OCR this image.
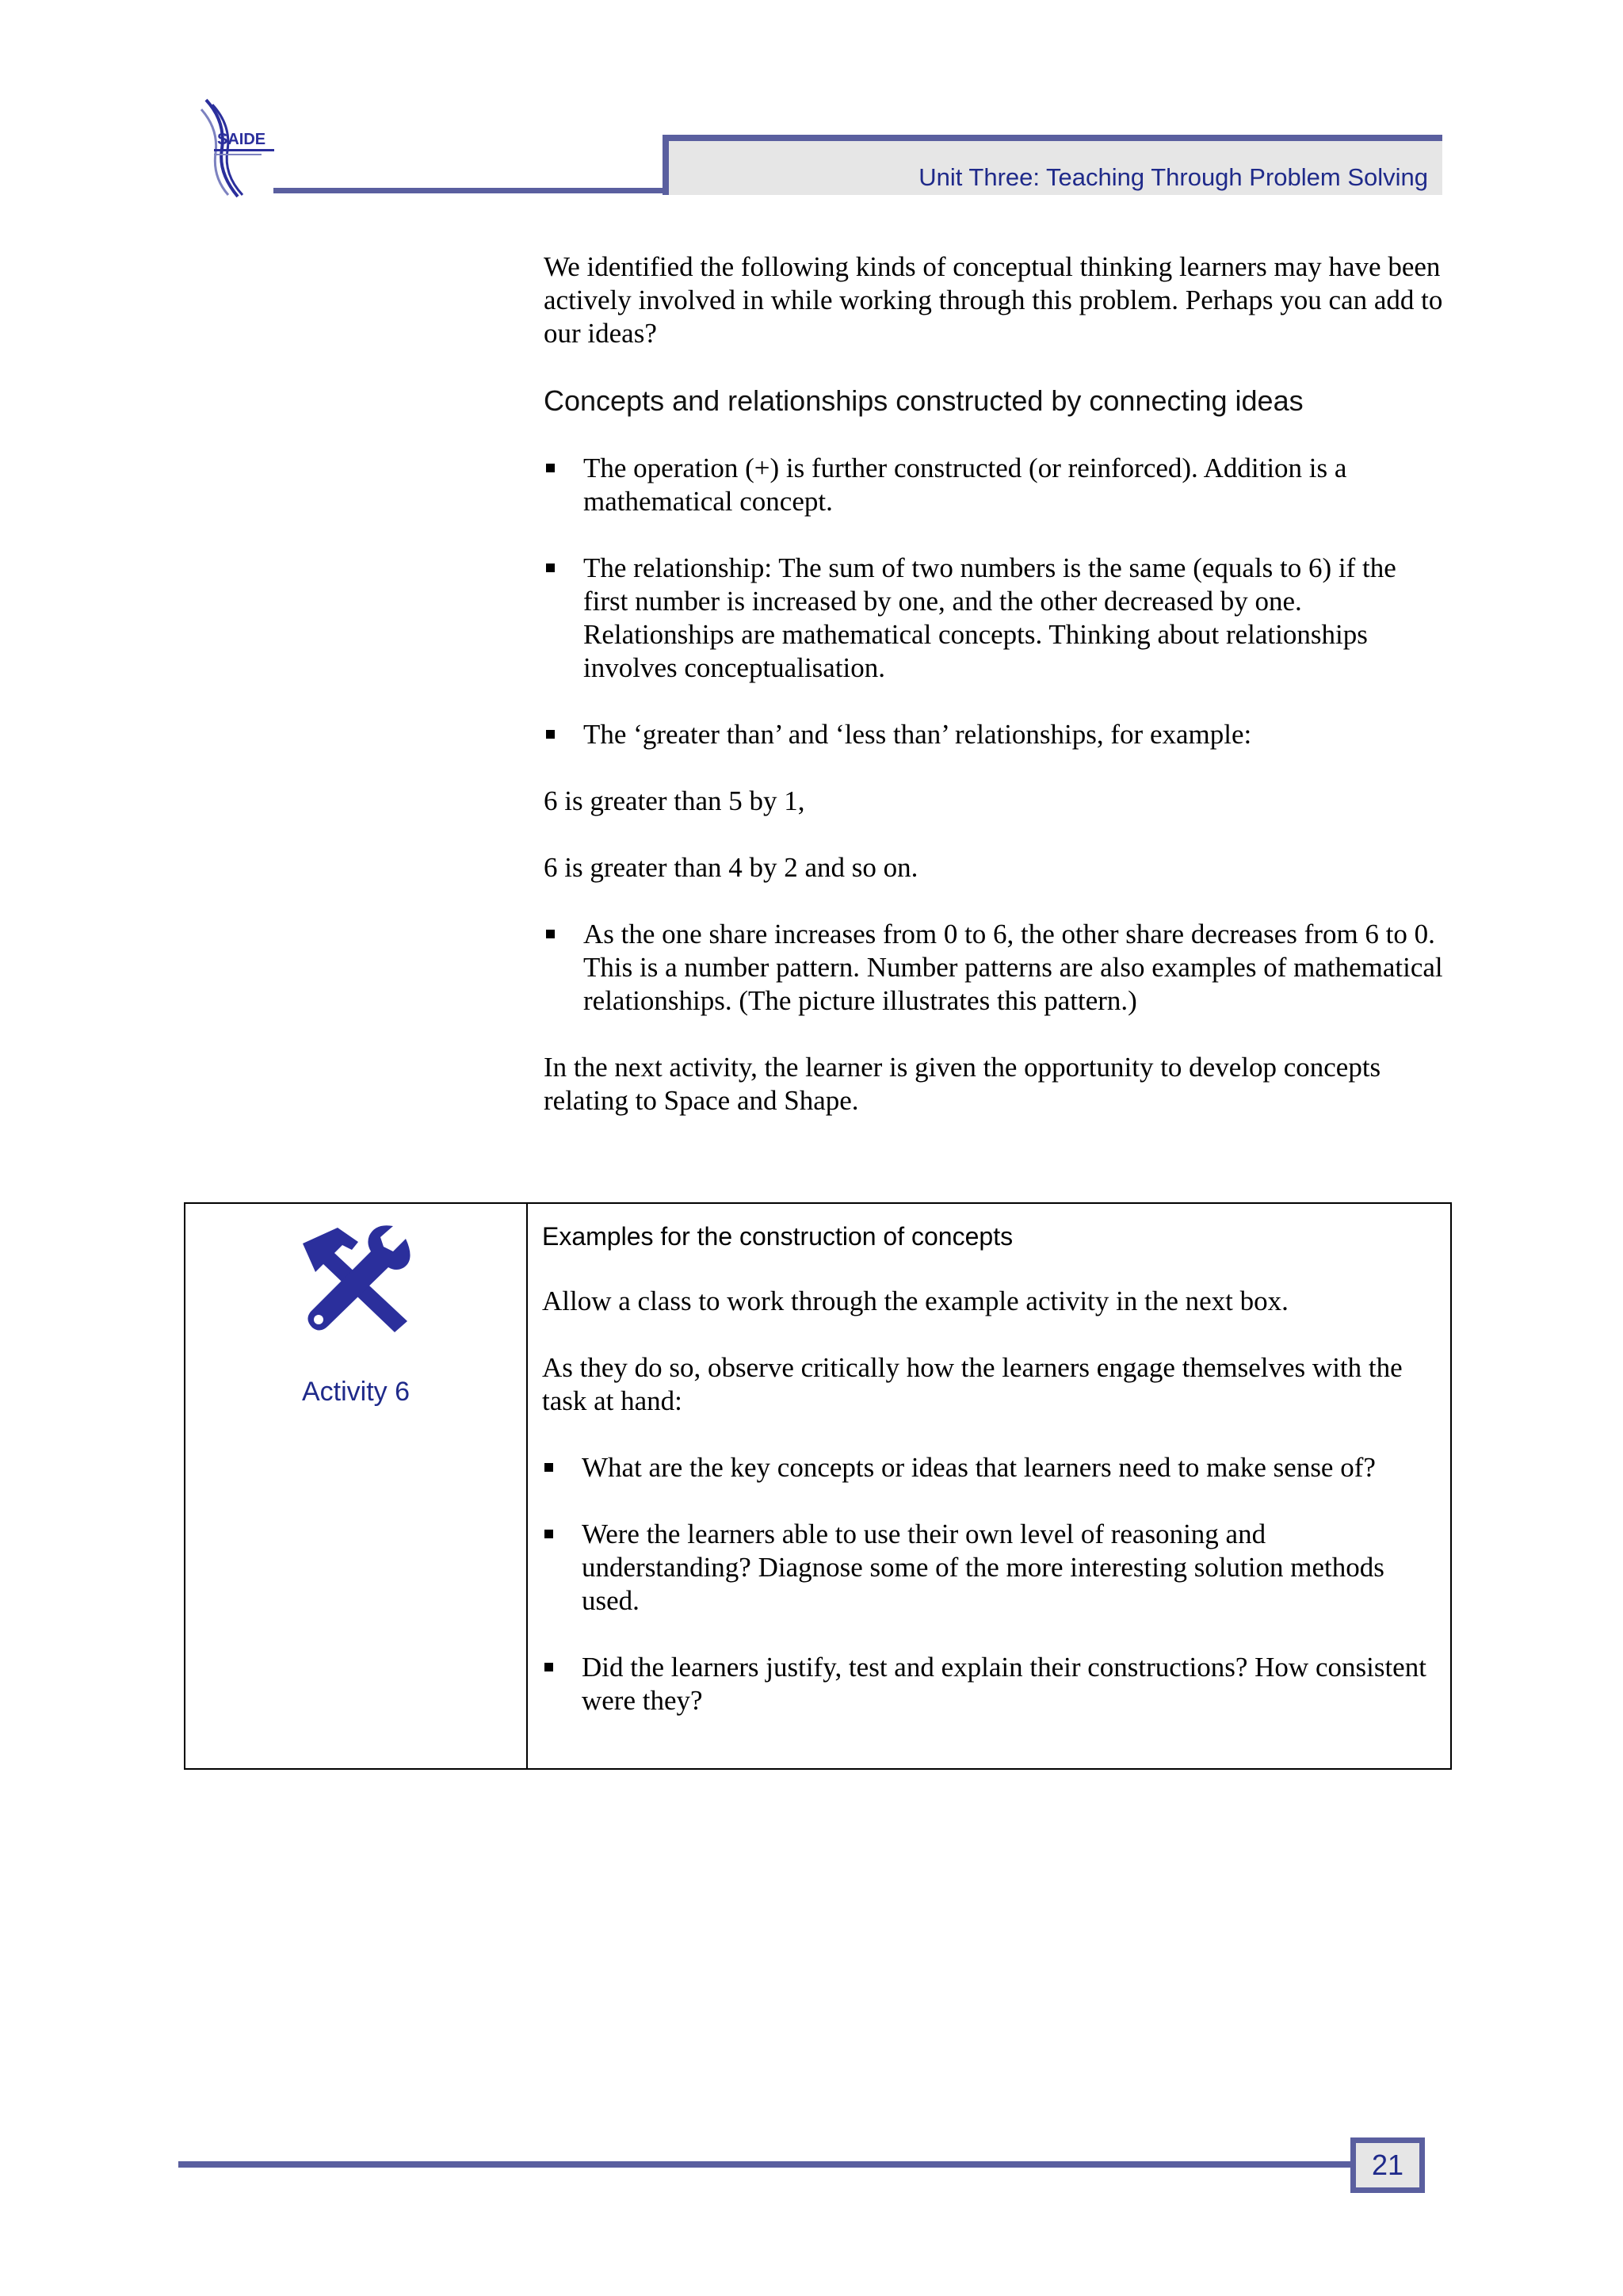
SAIDE
Unit Three: Teaching Through Problem Solving

We identified the following kinds of conceptual thinking learners may have been actively involved in while working through this problem. Perhaps you can add to our ideas?

Concepts and relationships constructed by connecting ideas
The operation (+) is further constructed (or reinforced). Addition is a mathematical concept.
The relationship: The sum of two numbers is the same (equals to 6) if the first number is increased by one, and the other decreased by one. Relationships are mathematical concepts. Thinking about relationships involves conceptualisation.
The ‘greater than’ and ‘less than’ relationships, for example:

6 is greater than 5 by 1,

6 is greater than 4 by 2 and so on.

As the one share increases from 0 to 6, the other share decreases from 6 to 0. This is a number pattern. Number patterns are also examples of mathematical relationships. (The picture illustrates this pattern.)

In the next activity, the learner is given the opportunity to develop concepts relating to Space and Shape.

Activity 6
Examples for the construction of concepts

Allow a class to work through the example activity in the next box.

As they do so, observe critically how the learners engage themselves with the task at hand:

What are the key concepts or ideas that learners need to make sense of?
Were the learners able to use their own level of reasoning and understanding? Diagnose some of the more interesting solution methods used.
Did the learners justify, test and explain their constructions? How consistent were they?
21
